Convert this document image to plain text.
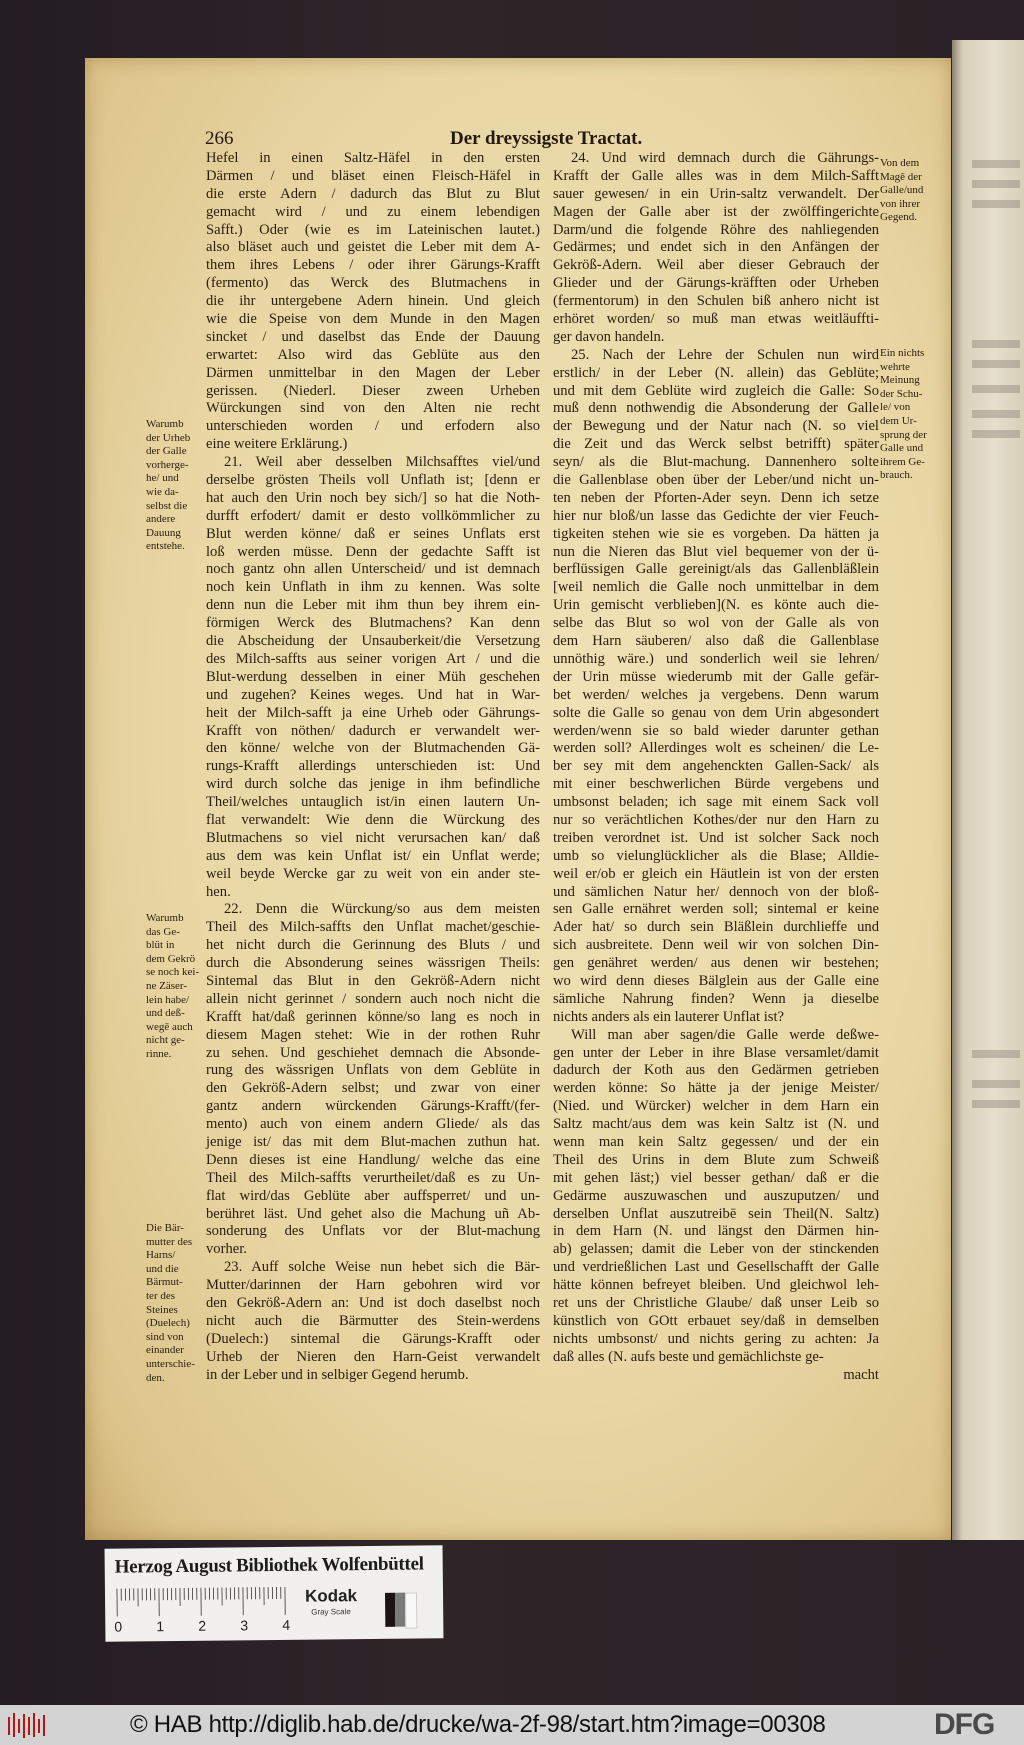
266	Der dreyssigste Tractat.
Hefel in einen Saltz-Häfel in den ersten
Därmen / und bläset einen Fleisch-Häfel in
die erste Adern / dadurch das Blut zu Blut
gemacht wird / und zu einem lebendigen
Safft.) Oder (wie es im Lateinischen lautet.)
also bläset auch und geistet die Leber mit dem A-
them ihres Lebens / oder ihrer Gärungs-Krafft
(fermento) das Werck des Blutmachens in
die ihr untergebene Adern hinein. Und gleich
wie die Speise von dem Munde in den Magen
sincket / und daselbst das Ende der Dauung
erwartet: Also wird das Geblüte aus den
Därmen unmittelbar in den Magen der Leber
gerissen. (Niederl. Dieser zween Urheben
Würckungen sind von den Alten nie recht
unterschieden worden / und erfodern also
eine weitere Erklärung.)
21. Weil aber desselben Milchsafftes viel/und
derselbe grösten Theils voll Unflath ist; [denn er
hat auch den Urin noch bey sich/] so hat die Noth-
durfft erfodert/ damit er desto vollkömmlicher zu
Blut werden könne/ daß er seines Unflats erst
loß werden müsse. Denn der gedachte Safft ist
noch gantz ohn allen Unterscheid/ und ist demnach
noch kein Unflath in ihm zu kennen. Was solte
denn nun die Leber mit ihm thun bey ihrem ein-
förmigen Werck des Blutmachens? Kan denn
die Abscheidung der Unsauberkeit/die Versetzung
des Milch-saffts aus seiner vorigen Art / und die
Blut-werdung desselben in einer Müh geschehen
und zugehen? Keines weges. Und hat in War-
heit der Milch-safft ja eine Urheb oder Gährungs-
Krafft von nöthen/ dadurch er verwandelt wer-
den könne/ welche von der Blutmachenden Gä-
rungs-Krafft allerdings unterschieden ist: Und
wird durch solche das jenige in ihm befindliche
Theil/welches untauglich ist/in einen lautern Un-
flat verwandelt: Wie denn die Würckung des
Blutmachens so viel nicht verursachen kan/ daß
aus dem was kein Unflat ist/ ein Unflat werde;
weil beyde Wercke gar zu weit von ein ander ste-
hen.
22. Denn die Würckung/so aus dem meisten
Theil des Milch-saffts den Unflat machet/geschie-
het nicht durch die Gerinnung des Bluts / und
durch die Absonderung seines wässrigen Theils:
Sintemal das Blut in den Gekröß-Adern nicht
allein nicht gerinnet / sondern auch noch nicht die
Krafft hat/daß gerinnen könne/so lang es noch in
diesem Magen stehet: Wie in der rothen Ruhr
zu sehen. Und geschiehet demnach die Absonde-
rung des wässrigen Unflats von dem Geblüte in
den Gekröß-Adern selbst; und zwar von einer
gantz andern würckenden Gärungs-Krafft/(fer-
mento) auch von einem andern Gliede/ als das
jenige ist/ das mit dem Blut-machen zuthun hat.
Denn dieses ist eine Handlung/ welche das eine
Theil des Milch-saffts verurtheilet/daß es zu Un-
flat wird/das Geblüte aber auffsperret/ und un-
berühret läst. Und gehet also die Machung uñ Ab-
sonderung des Unflats vor der Blut-machung
vorher.
23. Auff solche Weise nun hebet sich die Bär-
Mutter/darinnen der Harn gebohren wird vor
den Gekröß-Adern an: Und ist doch daselbst noch
nicht auch die Bärmutter des Stein-werdens
(Duelech:) sintemal die Gärungs-Krafft oder
Urheb der Nieren den Harn-Geist verwandelt
in der Leber und in selbiger Gegend herumb.
24. Und wird demnach durch die Gährungs-
Krafft der Galle alles was in dem Milch-Safft
sauer gewesen/ in ein Urin-saltz verwandelt. Der
Magen der Galle aber ist der zwölffingerichte
Darm/und die folgende Röhre des nahliegenden
Gedärmes; und endet sich in den Anfängen der
Gekröß-Adern. Weil aber dieser Gebrauch der
Glieder und der Gärungs-kräfften oder Urheben
(fermentorum) in den Schulen biß anhero nicht ist
erhöret worden/ so muß man etwas weitläuffti-
ger davon handeln.
25. Nach der Lehre der Schulen nun wird
erstlich/ in der Leber (N. allein) das Geblüte;
und mit dem Geblüte wird zugleich die Galle: So
muß denn nothwendig die Absonderung der Galle
der Bewegung und der Natur nach (N. so viel
die Zeit und das Werck selbst betrifft) später
seyn/ als die Blut-machung. Dannenhero solte
die Gallenblase oben über der Leber/und nicht un-
ten neben der Pforten-Ader seyn. Denn ich setze
hier nur bloß/un lasse das Gedichte der vier Feuch-
tigkeiten stehen wie sie es vorgeben. Da hätten ja
nun die Nieren das Blut viel bequemer von der ü-
berflüssigen Galle gereinigt/als das Gallenbläßlein
[weil nemlich die Galle noch unmittelbar in dem
Urin gemischt verblieben](N. es könte auch die-
selbe das Blut so wol von der Galle als von
dem Harn säuberen/ also daß die Gallenblase
unnöthig wäre.) und sonderlich weil sie lehren/
der Urin müsse wiederumb mit der Galle gefär-
bet werden/ welches ja vergebens. Denn warum
solte die Galle so genau von dem Urin abgesondert
werden/wenn sie so bald wieder darunter gethan
werden soll? Allerdinges wolt es scheinen/ die Le-
ber sey mit dem angehenckten Gallen-Sack/ als
mit einer beschwerlichen Bürde vergebens und
umbsonst beladen; ich sage mit einem Sack voll
nur so verächtlichen Kothes/der nur den Harn zu
treiben verordnet ist. Und ist solcher Sack noch
umb so vielunglücklicher als die Blase; Alldie-
weil er/ob er gleich ein Häutlein ist von der ersten
und sämlichen Natur her/ dennoch von der bloß-
sen Galle ernähret werden soll; sintemal er keine
Ader hat/ so durch sein Bläßlein durchlieffe und
sich ausbreitete. Denn weil wir von solchen Din-
gen genähret werden/ aus denen wir bestehen;
wo wird denn dieses Bälglein aus der Galle eine
sämliche Nahrung finden? Wenn ja dieselbe
nichts anders als ein lauterer Unflat ist?
Will man aber sagen/die Galle werde deßwe-
gen unter der Leber in ihre Blase versamlet/damit
dadurch der Koth aus den Gedärmen getrieben
werden könne: So hätte ja der jenige Meister/
(Nied. und Würcker) welcher in dem Harn ein
Saltz macht/aus dem was kein Saltz ist (N. und
wenn man kein Saltz gegessen/ und der ein
Theil des Urins in dem Blute zum Schweiß
mit gehen läst;) viel besser gethan/ daß er die
Gedärme auszuwaschen und auszuputzen/ und
derselben Unflat auszutreibē sein Theil(N. Saltz)
in dem Harn (N. und längst den Därmen hin-
ab) gelassen; damit die Leber von der stinckenden
und verdrießlichen Last und Gesellschafft der Galle
hätte können befreyet bleiben. Und gleichwol leh-
ret uns der Christliche Glaube/ daß unser Leib so
künstlich von GOtt erbauet sey/daß in demselben
nichts umbsonst/ und nichts gering zu achten: Ja
daß alles (N. aufs beste und gemächlichste ge-
macht
Warumb
der Urheb
der Galle
vorherge-
he/ und
wie da-
selbst die
andere
Dauung
entstehe.
Warumb
das Ge-
blüt in
dem Gekrö
se noch kei-
ne Zäser-
lein habe/
und deß-
wegē auch
nicht ge-
rinne.
Die Bär-
mutter des
Harns/
und die
Bärmut-
ter des
Steines
(Duelech)
sind von
einander
unterschie-
den.
Von dem
Magē der
Galle/und
von ihrer
Gegend.
Ein nichts
wehrte
Meinung
der Schu-
le/ von
dem Ur-
sprung der
Galle und
ihrem Ge-
brauch.
Herzog August Bibliothek Wolfenbüttel
0 1 2 3 4
Kodak
Gray Scale
© HAB http://diglib.hab.de/drucke/wa-2f-98/start.htm?image=00308	DFG
